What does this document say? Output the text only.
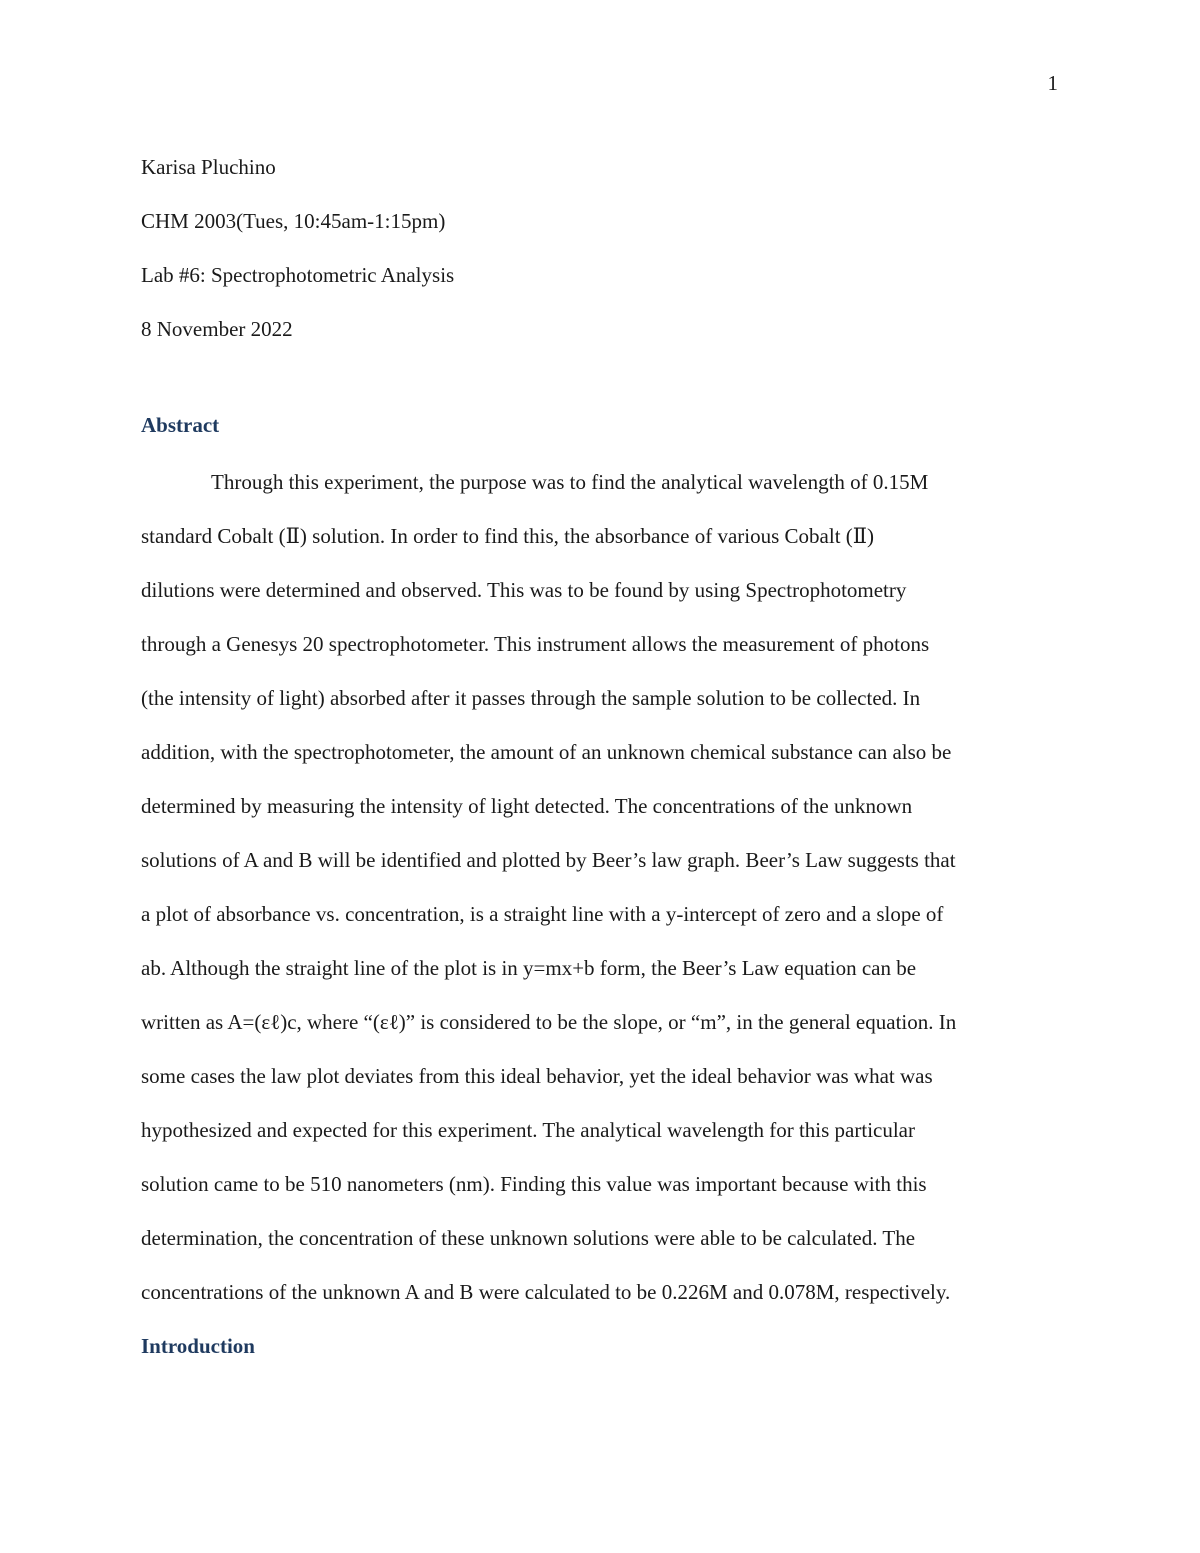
1
Karisa Pluchino
CHM 2003(Tues, 10:45am-1:15pm)
Lab #6: Spectrophotometric Analysis
8 November 2022
Abstract
Through this experiment, the purpose was to find the analytical wavelength of 0.15M
standard Cobalt (Ⅱ) solution. In order to find this, the absorbance of various Cobalt (Ⅱ)
dilutions were determined and observed. This was to be found by using Spectrophotometry
through a Genesys 20 spectrophotometer. This instrument allows the measurement of photons
(the intensity of light) absorbed after it passes through the sample solution to be collected. In
addition, with the spectrophotometer, the amount of an unknown chemical substance can also be
determined by measuring the intensity of light detected. The concentrations of the unknown
solutions of A and B will be identified and plotted by Beer’s law graph. Beer’s Law suggests that
a plot of absorbance vs. concentration, is a straight line with a y-intercept of zero and a slope of
ab. Although the straight line of the plot is in y=mx+b form, the Beer’s Law equation can be
written as A=(εℓ)c, where “(εℓ)” is considered to be the slope, or “m”, in the general equation. In
some cases the law plot deviates from this ideal behavior, yet the ideal behavior was what was
hypothesized and expected for this experiment. The analytical wavelength for this particular
solution came to be 510 nanometers (nm). Finding this value was important because with this
determination, the concentration of these unknown solutions were able to be calculated. The
concentrations of the unknown A and B were calculated to be 0.226M and 0.078M, respectively.
Introduction
